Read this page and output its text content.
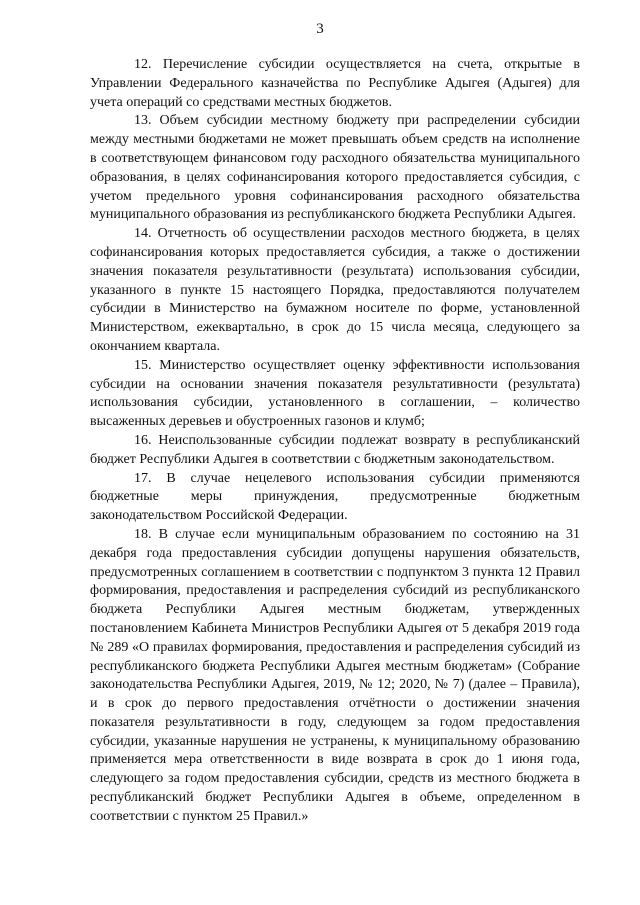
3

12. Перечисление субсидии осуществляется на счета, открытые в Управлении Федерального казначейства по Республике Адыгея (Адыгея) для учета операций со средствами местных бюджетов.

13. Объем субсидии местному бюджету при распределении субсидии между местными бюджетами не может превышать объем средств на исполнение в соответствующем финансовом году расходного обязательства муниципального образования, в целях софинансирования которого предоставляется субсидия, с учетом предельного уровня софинансирования расходного обязательства муниципального образования из республиканского бюджета Республики Адыгея.

14. Отчетность об осуществлении расходов местного бюджета, в целях софинансирования которых предоставляется субсидия, а также о достижении значения показателя результативности (результата) использования субсидии, указанного в пункте 15 настоящего Порядка, предоставляются получателем субсидии в Министерство на бумажном носителе по форме, установленной Министерством, ежеквартально, в срок до 15 числа месяца, следующего за окончанием квартала.

15. Министерство осуществляет оценку эффективности использования субсидии на основании значения показателя результативности (результата) использования субсидии, установленного в соглашении, – количество высаженных деревьев и обустроенных газонов и клумб;

16. Неиспользованные субсидии подлежат возврату в республиканский бюджет Республики Адыгея в соответствии с бюджетным законодательством.

17. В случае нецелевого использования субсидии применяются бюджетные меры принуждения, предусмотренные бюджетным законодательством Российской Федерации.

18. В случае если муниципальным образованием по состоянию на 31 декабря года предоставления субсидии допущены нарушения обязательств, предусмотренных соглашением в соответствии с подпунктом 3 пункта 12 Правил формирования, предоставления и распределения субсидий из республиканского бюджета Республики Адыгея местным бюджетам, утвержденных постановлением Кабинета Министров Республики Адыгея от 5 декабря 2019 года № 289 «О правилах формирования, предоставления и распределения субсидий из республиканского бюджета Республики Адыгея местным бюджетам» (Собрание законодательства Республики Адыгея, 2019, № 12; 2020, № 7) (далее – Правила), и в срок до первого предоставления отчётности о достижении значения показателя результативности в году, следующем за годом предоставления субсидии, указанные нарушения не устранены, к муниципальному образованию применяется мера ответственности в виде возврата в срок до 1 июня года, следующего за годом предоставления субсидии, средств из местного бюджета в республиканский бюджет Республики Адыгея в объеме, определенном в соответствии с пунктом 25 Правил.»
